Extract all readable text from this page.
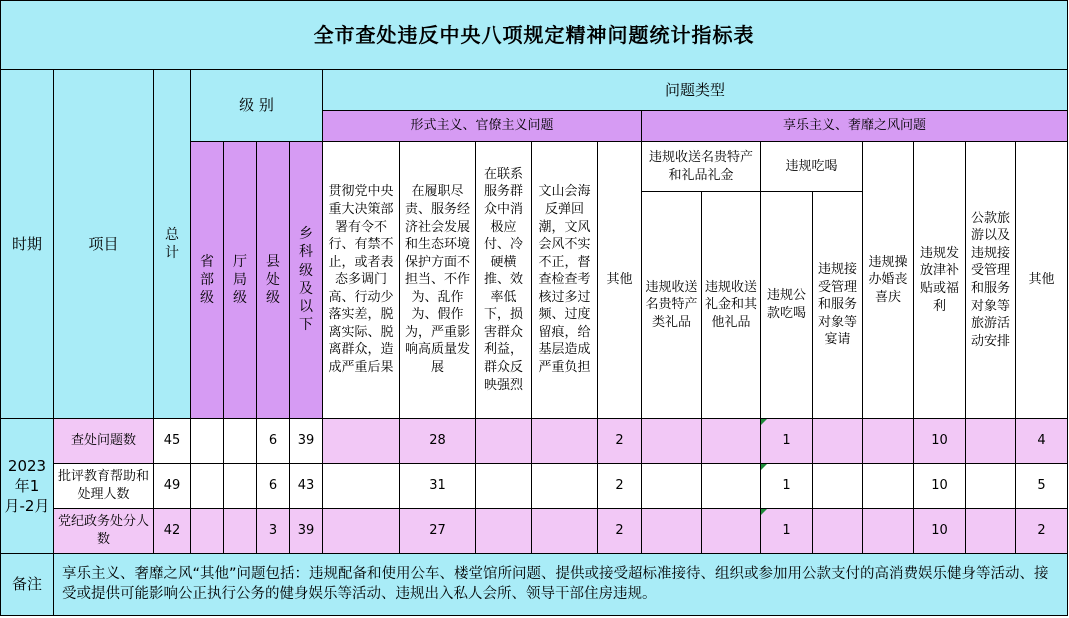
全市查处违反中央八项规定精神问题统计指标表																			
时期	项目	总计	级 别				问题类型												
							形式主义、官僚主义问题					享乐主义、奢靡之风问题							
			省部级	厅局级	县处级	乡科级及以下	贯彻党中央重大决策部署有令不行、有禁不止，或者表态多调门高、行动少落实差，脱离实际、脱离群众，造成严重后果	在履职尽责、服务经济社会发展和生态环境保护方面不担当、不作为、乱作为、假作为，严重影响高质量发展	在联系服务群众中消极应付、冷硬横推、效率低下，损害群众利益，群众反映强烈	文山会海反弹回潮，文风会风不实不正，督查检查考核过多过频、过度留痕，给基层造成严重负担	其他	违规收送名贵特产和礼品礼金		违规吃喝		违规操办婚丧喜庆	违规发放津补贴或福利	公款旅游以及违规接受管理和服务对象等旅游活动安排	其他
												违规收送名贵特产类礼品	违规收送礼金和其他礼品	违规公款吃喝	违规接受管理和服务对象等宴请				

2023年1月-2月	查处问题数	45			6	39		28			2			1			10		4
	批评教育帮助和处理人数	49			6	43		31			2			1			10		5
	党纪政务处分人数	42			3	39		27			2			1			10		2
备注	享乐主义、奢靡之风“其他”问题包括：违规配备和使用公车、楼堂馆所问题、提供或接受超标准接待、组织或参加用公款支付的高消费娱乐健身等活动、接受或提供可能影响公正执行公务的健身娱乐等活动、违规出入私人会所、领导干部住房违规。																		
